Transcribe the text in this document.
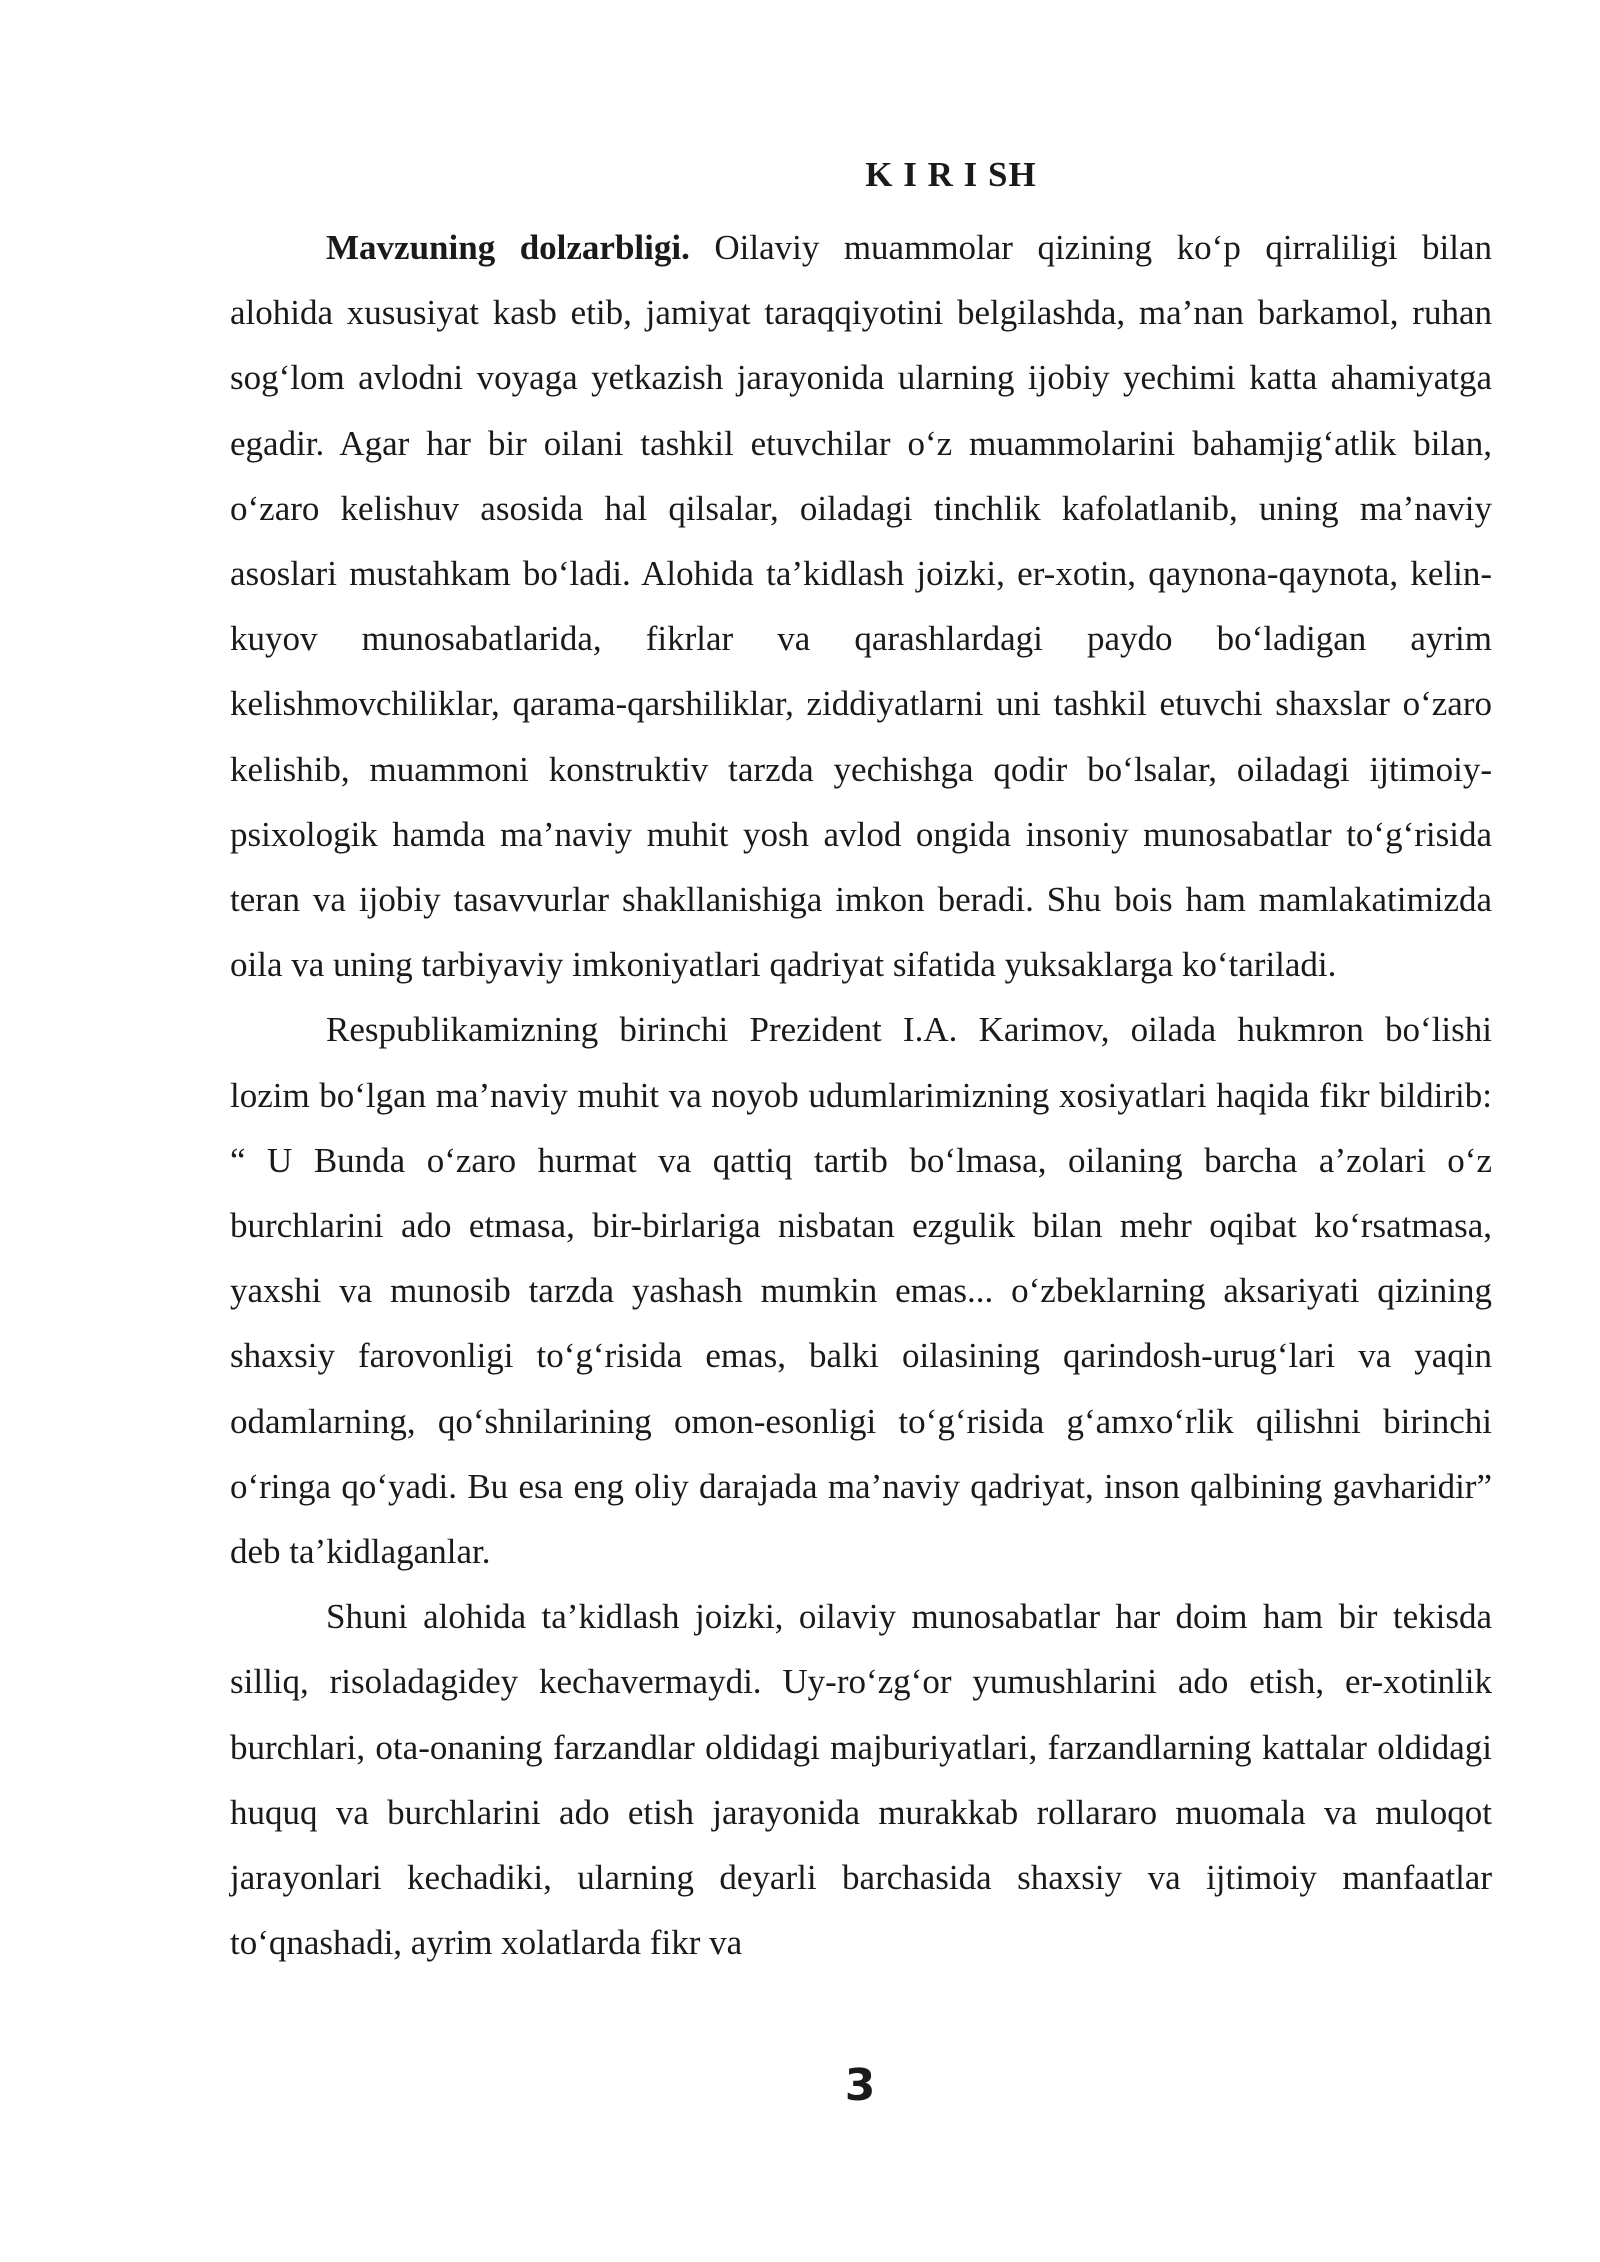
K I R I SH

Mavzuning dolzarbligi. Oilaviy muammolar qizining ko‘p qirraliligi bilan alohida xususiyat kasb etib, jamiyat taraqqiyotini belgilashda, ma’nan barkamol, ruhan sog‘lom avlodni voyaga yetkazish jarayonida ularning ijobiy yechimi katta ahamiyatga egadir. Agar har bir oilani tashkil etuvchilar o‘z muammolarini bahamjig‘atlik bilan, o‘zaro kelishuv asosida hal qilsalar, oiladagi tinchlik kafolatlanib, uning ma’naviy asoslari mustahkam bo‘ladi. Alohida ta’kidlash joizki, er-xotin, qaynona-qaynota, kelin-kuyov munosabatlarida, fikrlar va qarashlardagi paydo bo‘ladigan ayrim kelishmovchiliklar, qarama-qarshiliklar, ziddiyatlarni uni tashkil etuvchi shaxslar o‘zaro kelishib, muammoni konstruktiv tarzda yechishga qodir bo‘lsalar, oiladagi ijtimoiy-psixologik hamda ma’naviy muhit yosh avlod ongida insoniy munosabatlar to‘g‘risida teran va ijobiy tasavvurlar shakllanishiga imkon beradi. Shu bois ham mamlakatimizda oila va uning tarbiyaviy imkoniyatlari qadriyat sifatida yuksaklarga ko‘tariladi.

Respublikamizning birinchi Prezident I.A. Karimov, oilada hukmron bo‘lishi lozim bo‘lgan ma’naviy muhit va noyob udumlarimizning xosiyatlari haqida fikr bildirib: “ U Bunda o‘zaro hurmat va qattiq tartib bo‘lmasa, oilaning barcha a’zolari o‘z burchlarini ado etmasa, bir-birlariga nisbatan ezgulik bilan mehr oqibat ko‘rsatmasa, yaxshi va munosib tarzda yashash mumkin emas... o‘zbeklarning aksariyati qizining shaxsiy farovonligi to‘g‘risida emas, balki oilasining qarindosh-urug‘lari va yaqin odamlarning, qo‘shnilarining omon-esonligi to‘g‘risida g‘amxo‘rlik qilishni birinchi o‘ringa qo‘yadi. Bu esa eng oliy darajada ma’naviy qadriyat, inson qalbining gavharidir” deb ta’kidlaganlar.

Shuni alohida ta’kidlash joizki, oilaviy munosabatlar har doim ham bir tekisda silliq, risoladagidey kechavermaydi. Uy-ro‘zg‘or yumushlarini ado etish, er-xotinlik burchlari, ota-onaning farzandlar oldidagi majburiyatlari, farzandlarning kattalar oldidagi huquq va burchlarini ado etish jarayonida murakkab rollararo muomala va muloqot jarayonlari kechadiki, ularning deyarli barchasida shaxsiy va ijtimoiy manfaatlar to‘qnashadi, ayrim xolatlarda fikr va

3
